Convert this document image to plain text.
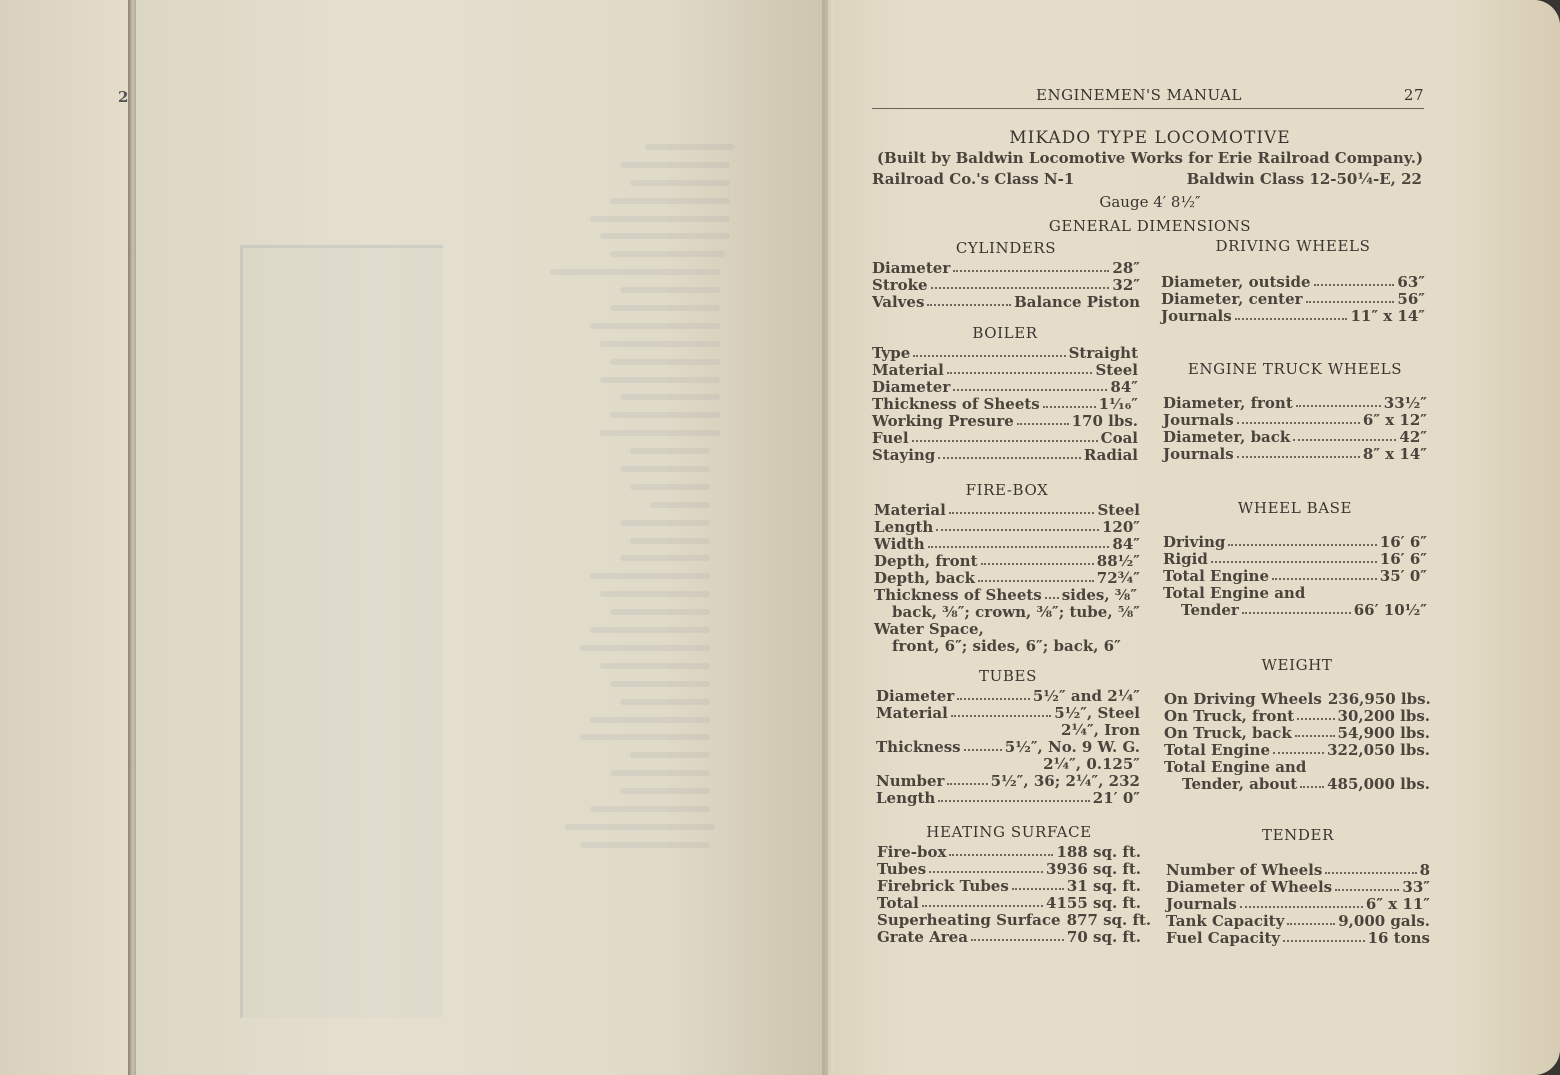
2	ENGINEMEN'S MANUAL	27
MIKADO TYPE LOCOMOTIVE
(Built by Baldwin Locomotive Works for Erie Railroad Company.)
Railroad Co.'s Class N-1	Baldwin Class 12-50¼-E, 22
Gauge 4′ 8½″
GENERAL DIMENSIONS
CYLINDERS
Diameter	28″
Stroke	32″
Valves	Balance Piston
BOILER
Type	Straight
Material	Steel
Diameter	84″
Thickness of Sheets	1¹⁄₁₆″
Working Presure	170 lbs.
Fuel	Coal
Staying	Radial
FIRE-BOX
Material	Steel
Length	120″
Width	84″
Depth, front	88½″
Depth, back	72¾″
Thickness of Sheets sides, ⅜″
back, ⅜″; crown, ⅜″; tube, ⅝″
Water Space,
front, 6″; sides, 6″; back, 6″
TUBES
Diameter	5½″ and 2¼″
Material	5½″, Steel
2¼″, Iron
Thickness	5½″, No. 9 W. G.
2¼″, 0.125″
Number	5½″, 36; 2¼″, 232
Length	21′ 0″
HEATING SURFACE
Fire-box	188 sq. ft.
Tubes	3936 sq. ft.
Firebrick Tubes	31 sq. ft.
Total	4155 sq. ft.
Superheating Surface 877 sq. ft.
Grate Area	70 sq. ft.
DRIVING WHEELS
Diameter, outside	63″
Diameter, center	56″
Journals	11″ x 14″
ENGINE TRUCK WHEELS
Diameter, front	33½″
Journals	6″ x 12″
Diameter, back	42″
Journals	8″ x 14″
WHEEL BASE
Driving	16′ 6″
Rigid	16′ 6″
Total Engine	35′ 0″
Total Engine and
Tender	66′ 10½″
WEIGHT
On Driving Wheels 236,950 lbs.
On Truck, front	30,200 lbs.
On Truck, back	54,900 lbs.
Total Engine	322,050 lbs.
Total Engine and
Tender, about 485,000 lbs.
TENDER
Number of Wheels	8
Diameter of Wheels	33″
Journals	6″ x 11″
Tank Capacity	9,000 gals.
Fuel Capacity	16 tons
